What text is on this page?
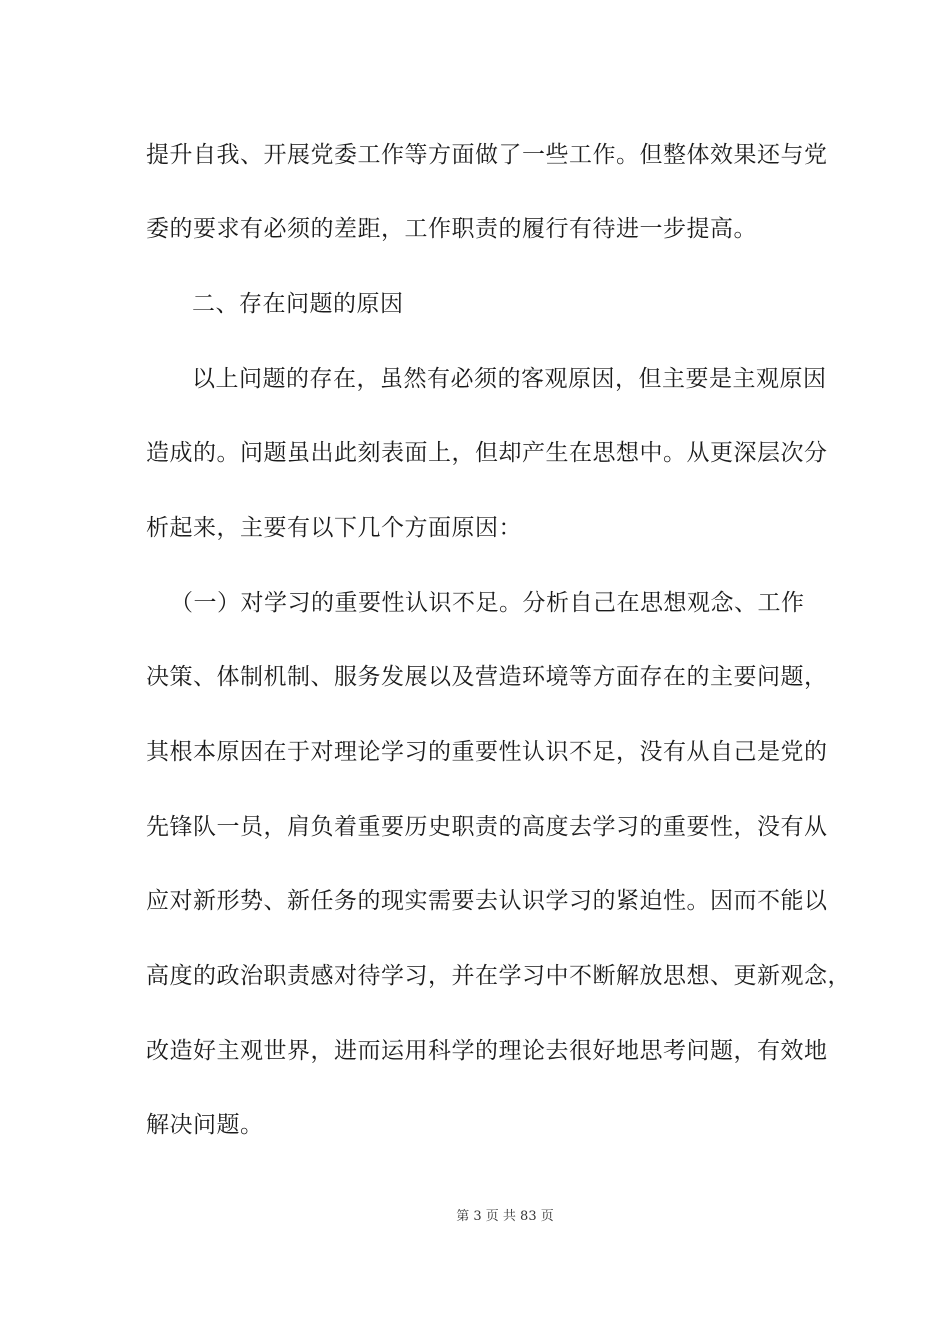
提升自我、开展党委工作等方面做了一些工作。但整体效果还与党
委的要求有必须的差距，工作职责的履行有待进一步提高。
二、存在问题的原因
以上问题的存在，虽然有必须的客观原因，但主要是主观原因
造成的。问题虽出此刻表面上，但却产生在思想中。从更深层次分
析起来，主要有以下几个方面原因：
（一）对学习的重要性认识不足。分析自己在思想观念、工作
决策、体制机制、服务发展以及营造环境等方面存在的主要问题，
其根本原因在于对理论学习的重要性认识不足，没有从自己是党的
先锋队一员，肩负着重要历史职责的高度去学习的重要性，没有从
应对新形势、新任务的现实需要去认识学习的紧迫性。因而不能以
高度的政治职责感对待学习，并在学习中不断解放思想、更新观念，
改造好主观世界，进而运用科学的理论去很好地思考问题，有效地
解决问题。
第 3 页 共 83 页
